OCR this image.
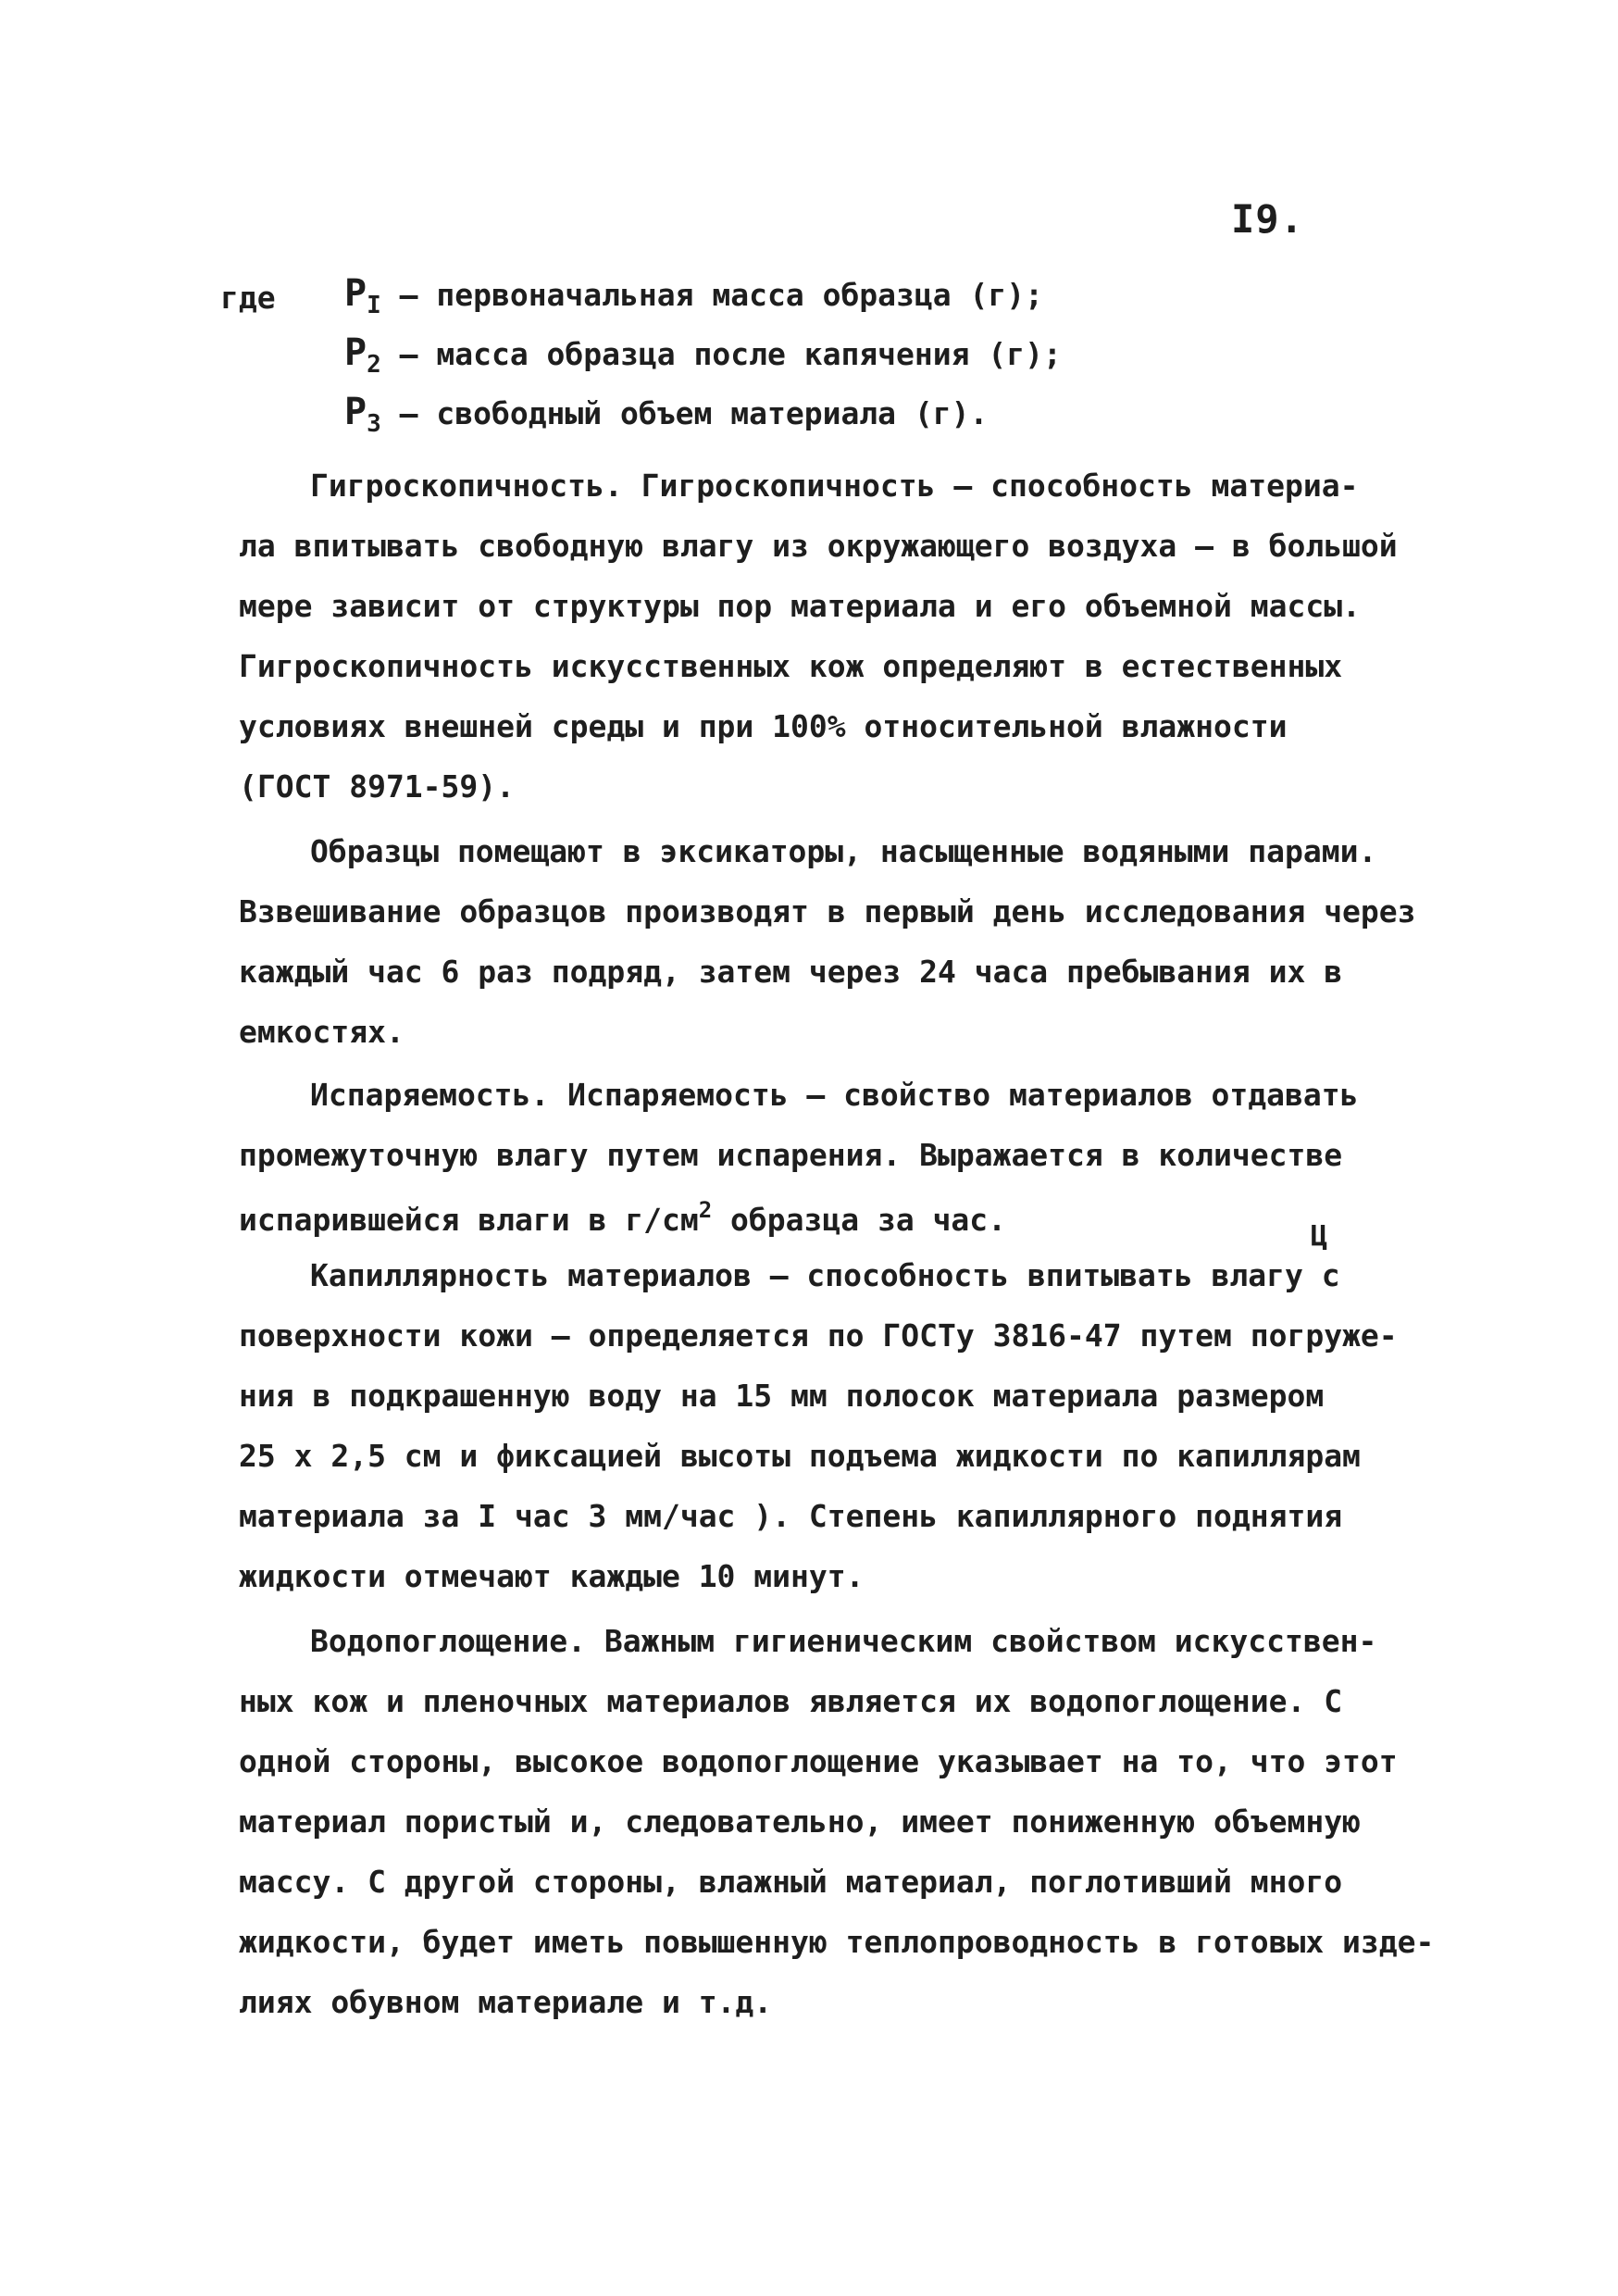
I9.
где $P_I$ – первоначальная масса образца (г);
$P_2$ – масса образца после капячения (г);
$P_3$ – свободный объем материала (г).
Гигроскопичность. Гигроскопичность – способность материа-
ла впитывать свободную влагу из окружающего воздуха – в большой
мере зависит от структуры пор материала и его объемной массы.
Гигроскопичность искусственных кож определяют в естественных
условиях внешней среды и при 100% относительной влажности
(ГОСТ 8971-59).
Образцы помещают в эксикаторы, насыщенные водяными парами.
Взвешивание образцов производят в первый день исследования через
каждый час 6 раз подряд, затем через 24 часа пребывания их в
емкостях.
Испаряемость. Испаряемость – свойство материалов отдавать
промежуточную влагу путем испарения. Выражается в количестве
испарившейся влаги в $г/см^2$ образца за час.	Ц
Капиллярность материалов – способность впитывать влагу с
поверхности кожи – определяется по ГОСТу 3816-47 путем погруже-
ния в подкрашенную воду на 15 мм полосок материала размером
25 х 2,5 см и фиксацией высоты подъема жидкости по капиллярам
материала за I час 3 мм/час ). Степень капиллярного поднятия
жидкости отмечают каждые 10 минут.
Водопоглощение. Важным гигиеническим свойством искусствен-
ных кож и пленочных материалов является их водопоглощение. С
одной стороны, высокое водопоглощение указывает на то, что этот
материал пористый и, следовательно, имеет пониженную объемную
массу. С другой стороны, влажный материал, поглотивший много
жидкости, будет иметь повышенную теплопроводность в готовых изде-
лиях обувном материале и т.д.
